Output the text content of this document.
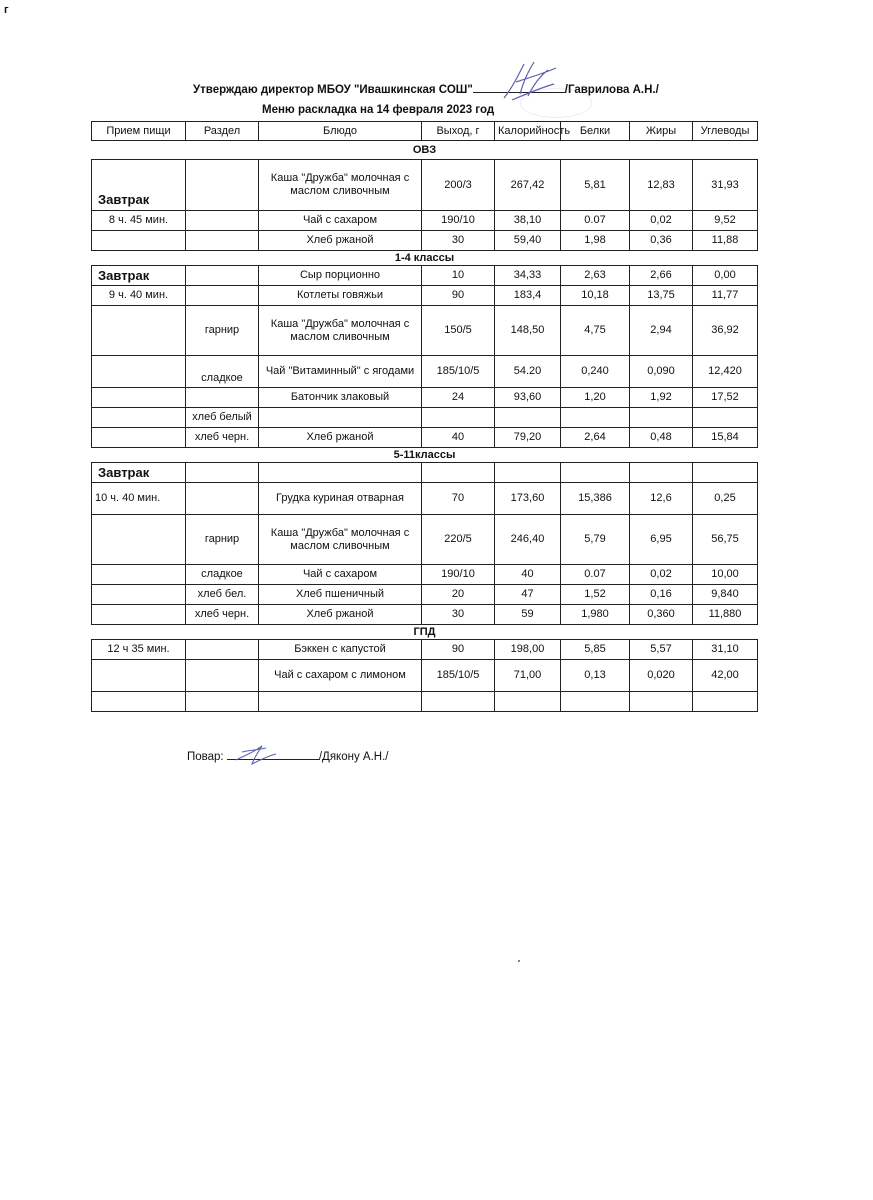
г
Утверждаю директор МБОУ "Ивашкинская СОШ"	/Гаврилова А.Н./
Меню раскладка на 14 февраля 2023 год
Прием пищи	Раздел	Блюдо	Выход, г	Калорийность	Белки	Жиры	Углеводы
ОВЗ							
Завтрак		Каша "Дружба" молочная с маслом сливочным	200/3	267,42	5,81	12,83	31,93
8 ч. 45 мин.		Чай с сахаром	190/10	38,10	0.07	0,02	9,52
		Хлеб ржаной	30	59,40	1,98	0,36	11,88
1-4 классы							
Завтрак		Сыр порционно	10	34,33	2,63	2,66	0,00
9 ч. 40 мин.		Котлеты говяжьи	90	183,4	10,18	13,75	11,77
	гарнир	Каша "Дружба" молочная с маслом сливочным	150/5	148,50	4,75	2,94	36,92
	сладкое	Чай "Витаминный" с ягодами	185/10/5	54.20	0,240	0,090	12,420
		Батончик злаковый	24	93,60	1,20	1,92	17,52
	хлеб белый						
	хлеб черн.	Хлеб ржаной	40	79,20	2,64	0,48	15,84
5-11классы							
Завтрак							
10 ч. 40 мин.		Грудка куриная отварная	70	173,60	15,386	12,6	0,25
	гарнир	Каша "Дружба" молочная с маслом сливочным	220/5	246,40	5,79	6,95	56,75
	сладкое	Чай с сахаром	190/10	40	0.07	0,02	10,00
	хлеб бел.	Хлеб пшеничный	20	47	1,52	0,16	9,840
	хлеб черн.	Хлеб ржаной	30	59	1,980	0,360	11,880
ГПД							
12 ч 35 мин.		Бэккен с капустой	90	198,00	5,85	5,57	31,10
		Чай с сахаром с лимоном	185/10/5	71,00	0,13	0,020	42,00

Повар:	/Дякону А.Н./
